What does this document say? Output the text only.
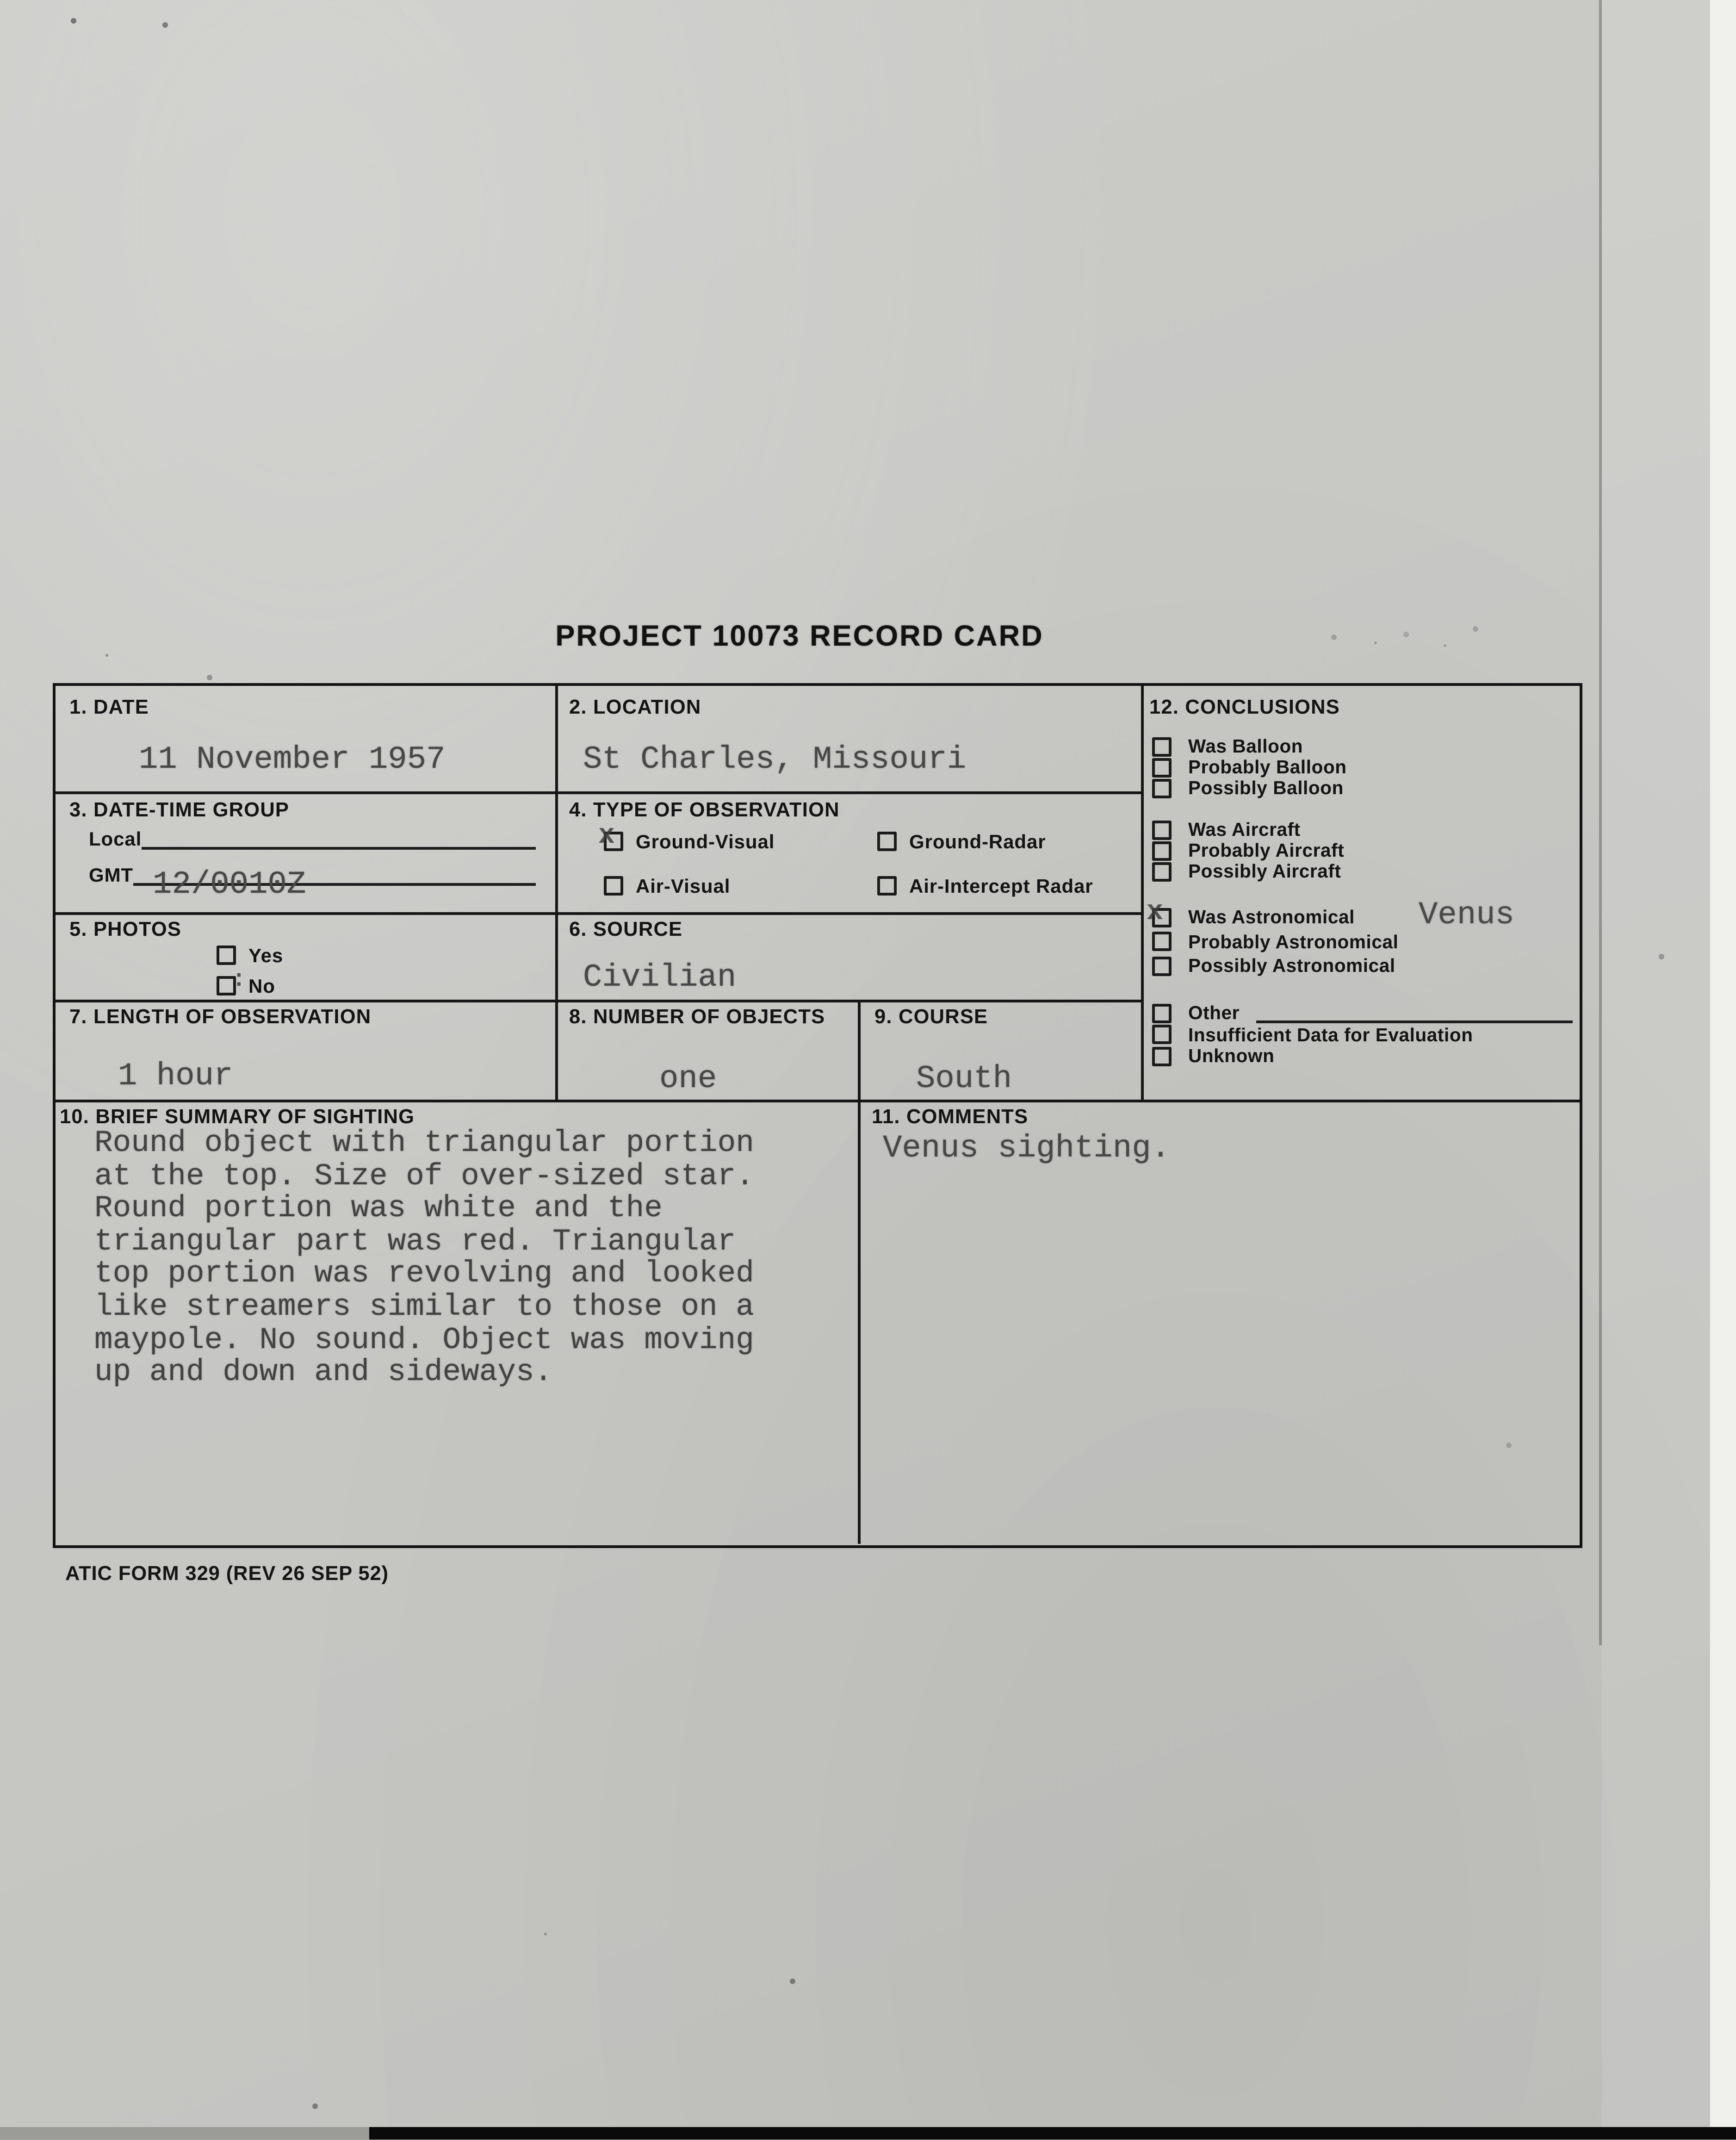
PROJECT 10073 RECORD CARD
1. DATE
11 November 1957
2. LOCATION
St Charles, Missouri
3. DATE-TIME GROUP
Local
GMT	12/0010Z
4. TYPE OF OBSERVATION
x	Ground-Visual	Ground-Radar
Air-Visual	Air-Intercept Radar
5. PHOTOS
Yes
: No
6. SOURCE
Civilian
7. LENGTH OF OBSERVATION
1 hour
8. NUMBER OF OBJECTS
one
9. COURSE
South
10. BRIEF SUMMARY OF SIGHTING
Round object with triangular portion
at the top. Size of over-sized star.
Round portion was white and the
triangular part was red. Triangular
top portion was revolving and looked
like streamers similar to those on a
maypole. No sound. Object was moving
up and down and sideways.
11. COMMENTS
Venus sighting.
12. CONCLUSIONS
Was Balloon
Probably Balloon
Possibly Balloon
Was Aircraft
Probably Aircraft
Possibly Aircraft
x	Was Astronomical	Venus
Probably Astronomical
Possibly Astronomical
Other
Insufficient Data for Evaluation
Unknown
ATIC FORM 329 (REV 26 SEP 52)
